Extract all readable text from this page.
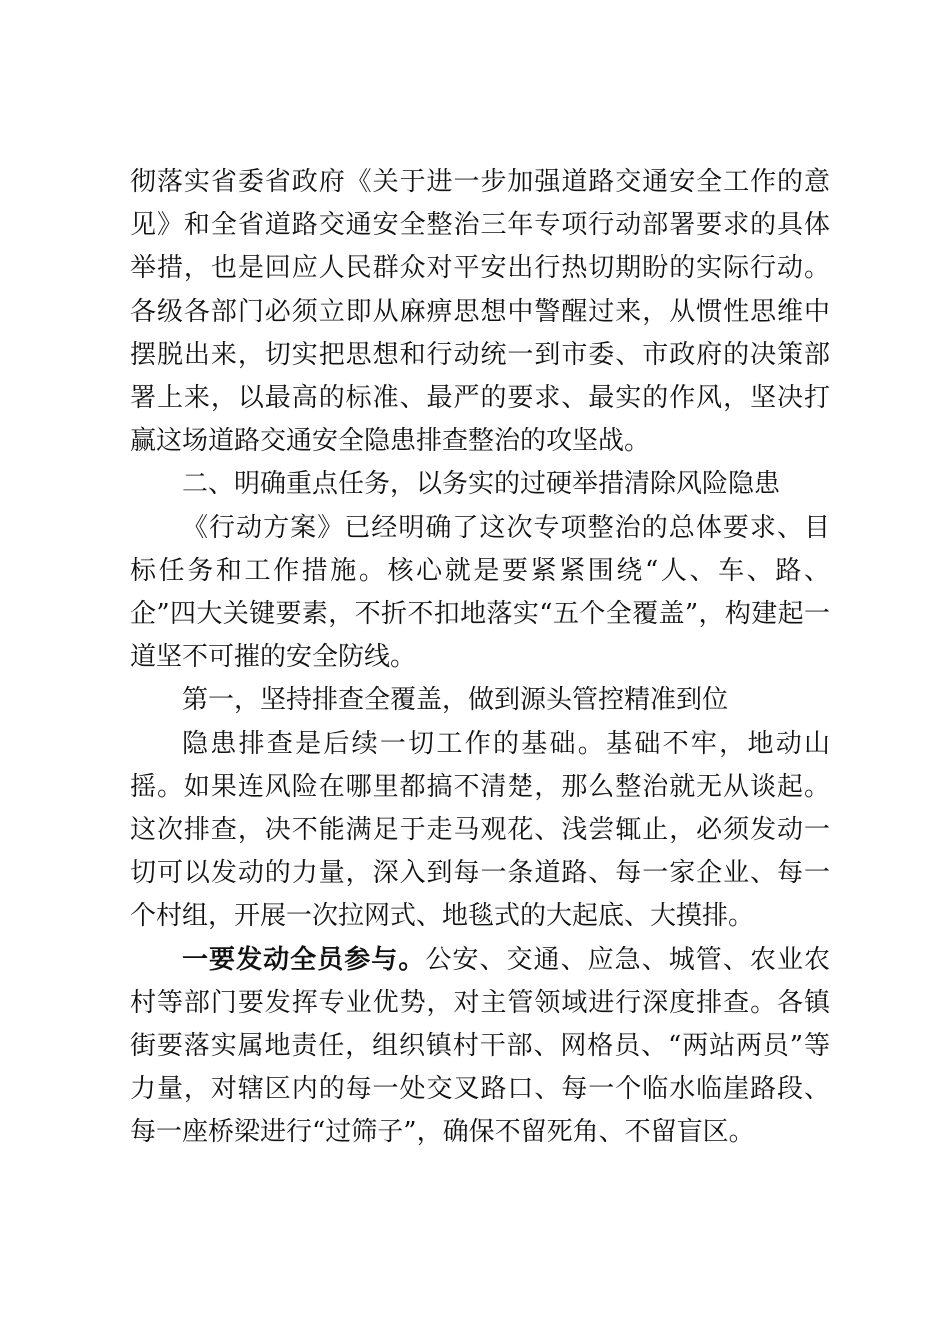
彻落实省委省政府《关于进一步加强道路交通安全工作的意见》和全省道路交通安全整治三年专项行动部署要求的具体举措，也是回应人民群众对平安出行热切期盼的实际行动。各级各部门必须立即从麻痹思想中警醒过来，从惯性思维中摆脱出来，切实把思想和行动统一到市委、市政府的决策部署上来，以最高的标准、最严的要求、最实的作风，坚决打赢这场道路交通安全隐患排查整治的攻坚战。

二、明确重点任务，以务实的过硬举措清除风险隐患

《行动方案》已经明确了这次专项整治的总体要求、目标任务和工作措施。核心就是要紧紧围绕“人、车、路、企”四大关键要素，不折不扣地落实“五个全覆盖”，构建起一道坚不可摧的安全防线。

第一，坚持排查全覆盖，做到源头管控精准到位

隐患排查是后续一切工作的基础。基础不牢，地动山摇。如果连风险在哪里都搞不清楚，那么整治就无从谈起。这次排查，决不能满足于走马观花、浅尝辄止，必须发动一切可以发动的力量，深入到每一条道路、每一家企业、每一个村组，开展一次拉网式、地毯式的大起底、大摸排。

一要发动全员参与。公安、交通、应急、城管、农业农村等部门要发挥专业优势，对主管领域进行深度排查。各镇街要落实属地责任，组织镇村干部、网格员、“两站两员”等力量，对辖区内的每一处交叉路口、每一个临水临崖路段、每一座桥梁进行“过筛子”，确保不留死角、不留盲区。
